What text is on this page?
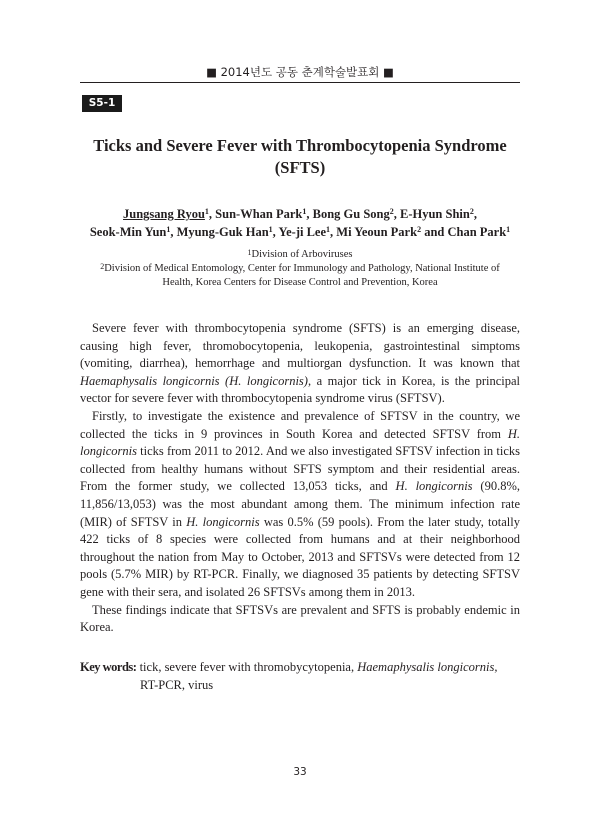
■ 2014년도 공동 춘계학술발표회 ■
S5-1
Ticks and Severe Fever with Thrombocytopenia Syndrome
(SFTS)
Jungsang Ryou$^1$, Sun-Whan Park$^1$, Bong Gu Song$^2$, E-Hyun Shin$^2$,
Seok-Min Yun$^1$, Myung-Guk Han$^1$, Ye-ji Lee$^1$, Mi Yeoun Park$^2$ and Chan Park$^1$
$^1$Division of Arboviruses
$^2$Division of Medical Entomology, Center for Immunology and Pathology, National Institute of
Health, Korea Centers for Disease Control and Prevention, Korea

Severe fever with thrombocytopenia syndrome (SFTS) is an emerging disease, causing high fever, thromobocytopenia, leukopenia, gastrointestinal simptoms (vomiting, diarrhea), hemorrhage and multiorgan dysfunction. It was known that Haemaphysalis longicornis (H. longicornis), a major tick in Korea, is the principal vector for severe fever with thrombocytopenia syndrome virus (SFTSV).

Firstly, to investigate the existence and prevalence of SFTSV in the country, we collected the ticks in 9 provinces in South Korea and detected SFTSV from H. longicornis ticks from 2011 to 2012. And we also investigated SFTSV infection in ticks collected from healthy humans without SFTS symptom and their residential areas. From the former study, we collected 13,053 ticks, and H. longicornis (90.8%, 11,856/13,053) was the most abundant among them. The minimum infection rate (MIR) of SFTSV in H. longicornis was 0.5% (59 pools). From the later study, totally 422 ticks of 8 species were collected from humans and at their neighborhood throughout the nation from May to October, 2013 and SFTSVs were detected from 12 pools (5.7% MIR) by RT-PCR. Finally, we diagnosed 35 patients by detecting SFTSV gene with their sera, and isolated 26 SFTSVs among them in 2013.

These findings indicate that SFTSVs are prevalent and SFTS is probably endemic in Korea.

Key words: tick, severe fever with thromobycytopenia, Haemaphysalis longicornis,
RT-PCR, virus
33
